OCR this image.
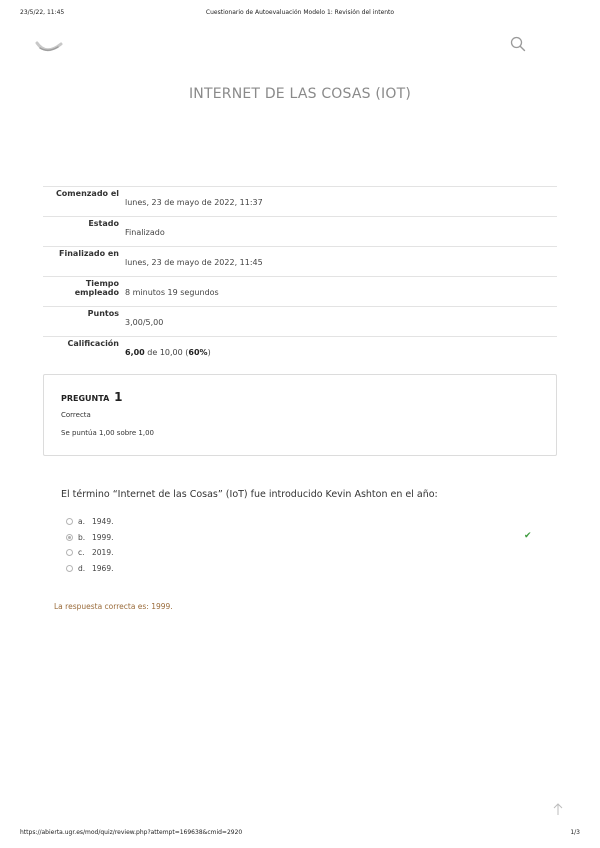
23/5/22, 11:45	Cuestionario de Autoevaluación Modelo 1: Revisión del intento
INTERNET DE LAS COSAS (IOT)
Comenzado el
lunes, 23 de mayo de 2022, 11:37
Estado
Finalizado
Finalizado en
lunes, 23 de mayo de 2022, 11:45
Tiempo empleado 8 minutos 19 segundos
Puntos
3,00/5,00
Calificación
6,00 de 10,00 (60%)
PREGUNTA 1
Correcta
Se puntúa 1,00 sobre 1,00
El término “Internet de las Cosas” (IoT) fue introducido Kevin Ashton en el año:
a. 1949.
b. 1999.	✔
c. 2019.
d. 1969.
La respuesta correcta es: 1999.
https://abierta.ugr.es/mod/quiz/review.php?attempt=169638&cmid=2920	1/3
